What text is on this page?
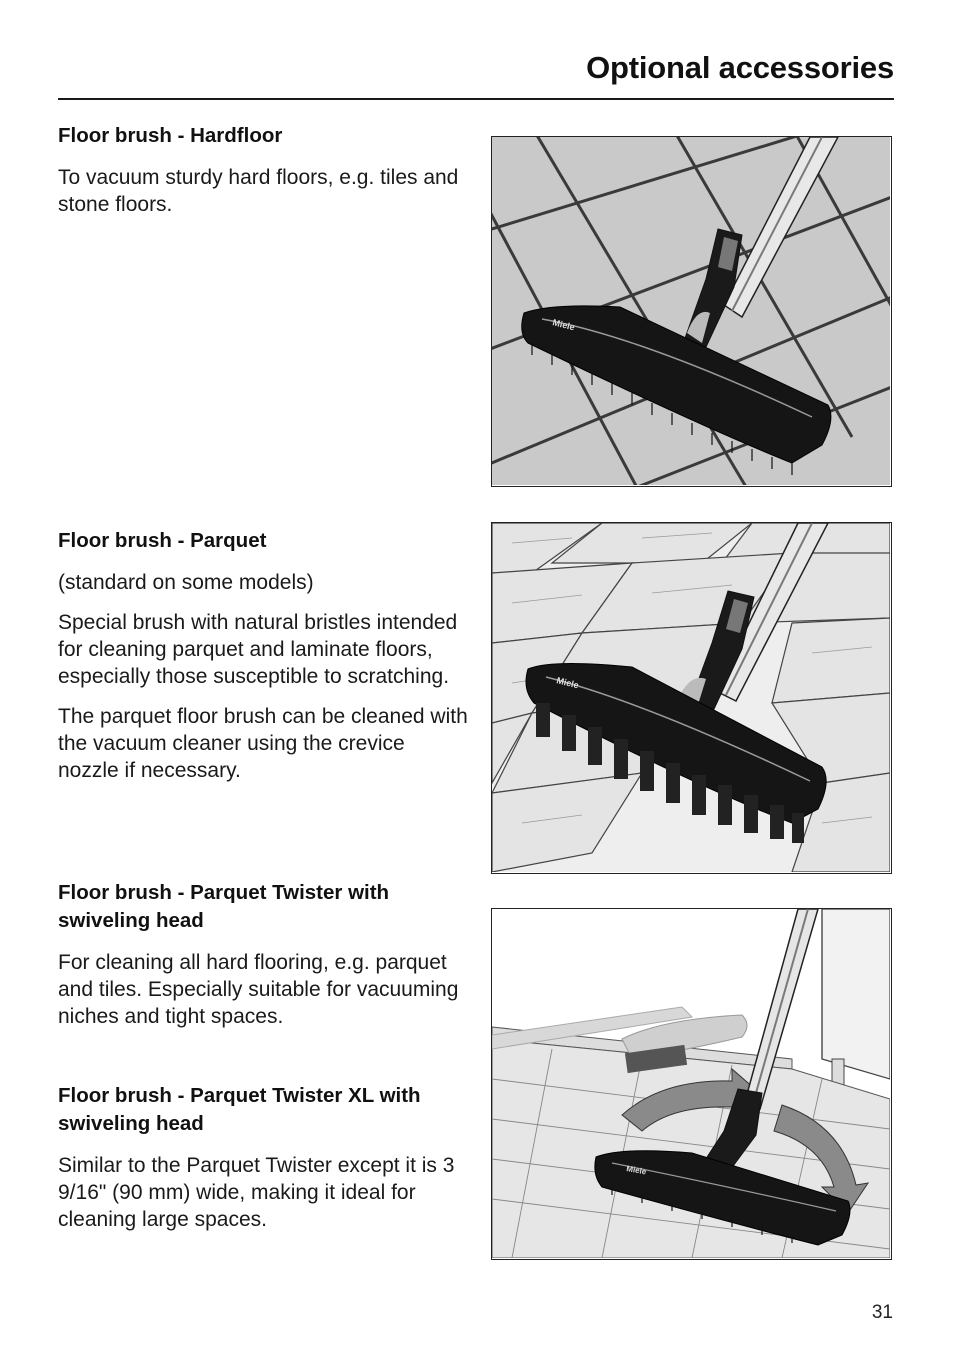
Optional accessories
Floor brush - Hardfloor

To vacuum sturdy hard floors, e.g. tiles and stone floors.

Floor brush - Parquet

(standard on some models)

Special brush with natural bristles intended for cleaning parquet and laminate floors, especially those susceptible to scratching.

The parquet floor brush can be cleaned with the vacuum cleaner using the crevice nozzle if necessary.

Floor brush - Parquet Twister with swiveling head

For cleaning all hard flooring, e.g. parquet and tiles. Especially suitable for vacuuming niches and tight spaces.

Floor brush - Parquet Twister XL with swiveling head

Similar to the Parquet Twister except it is 3 9/16" (90 mm) wide, making it ideal for cleaning large spaces.

Miele
Miele
Miele
31
